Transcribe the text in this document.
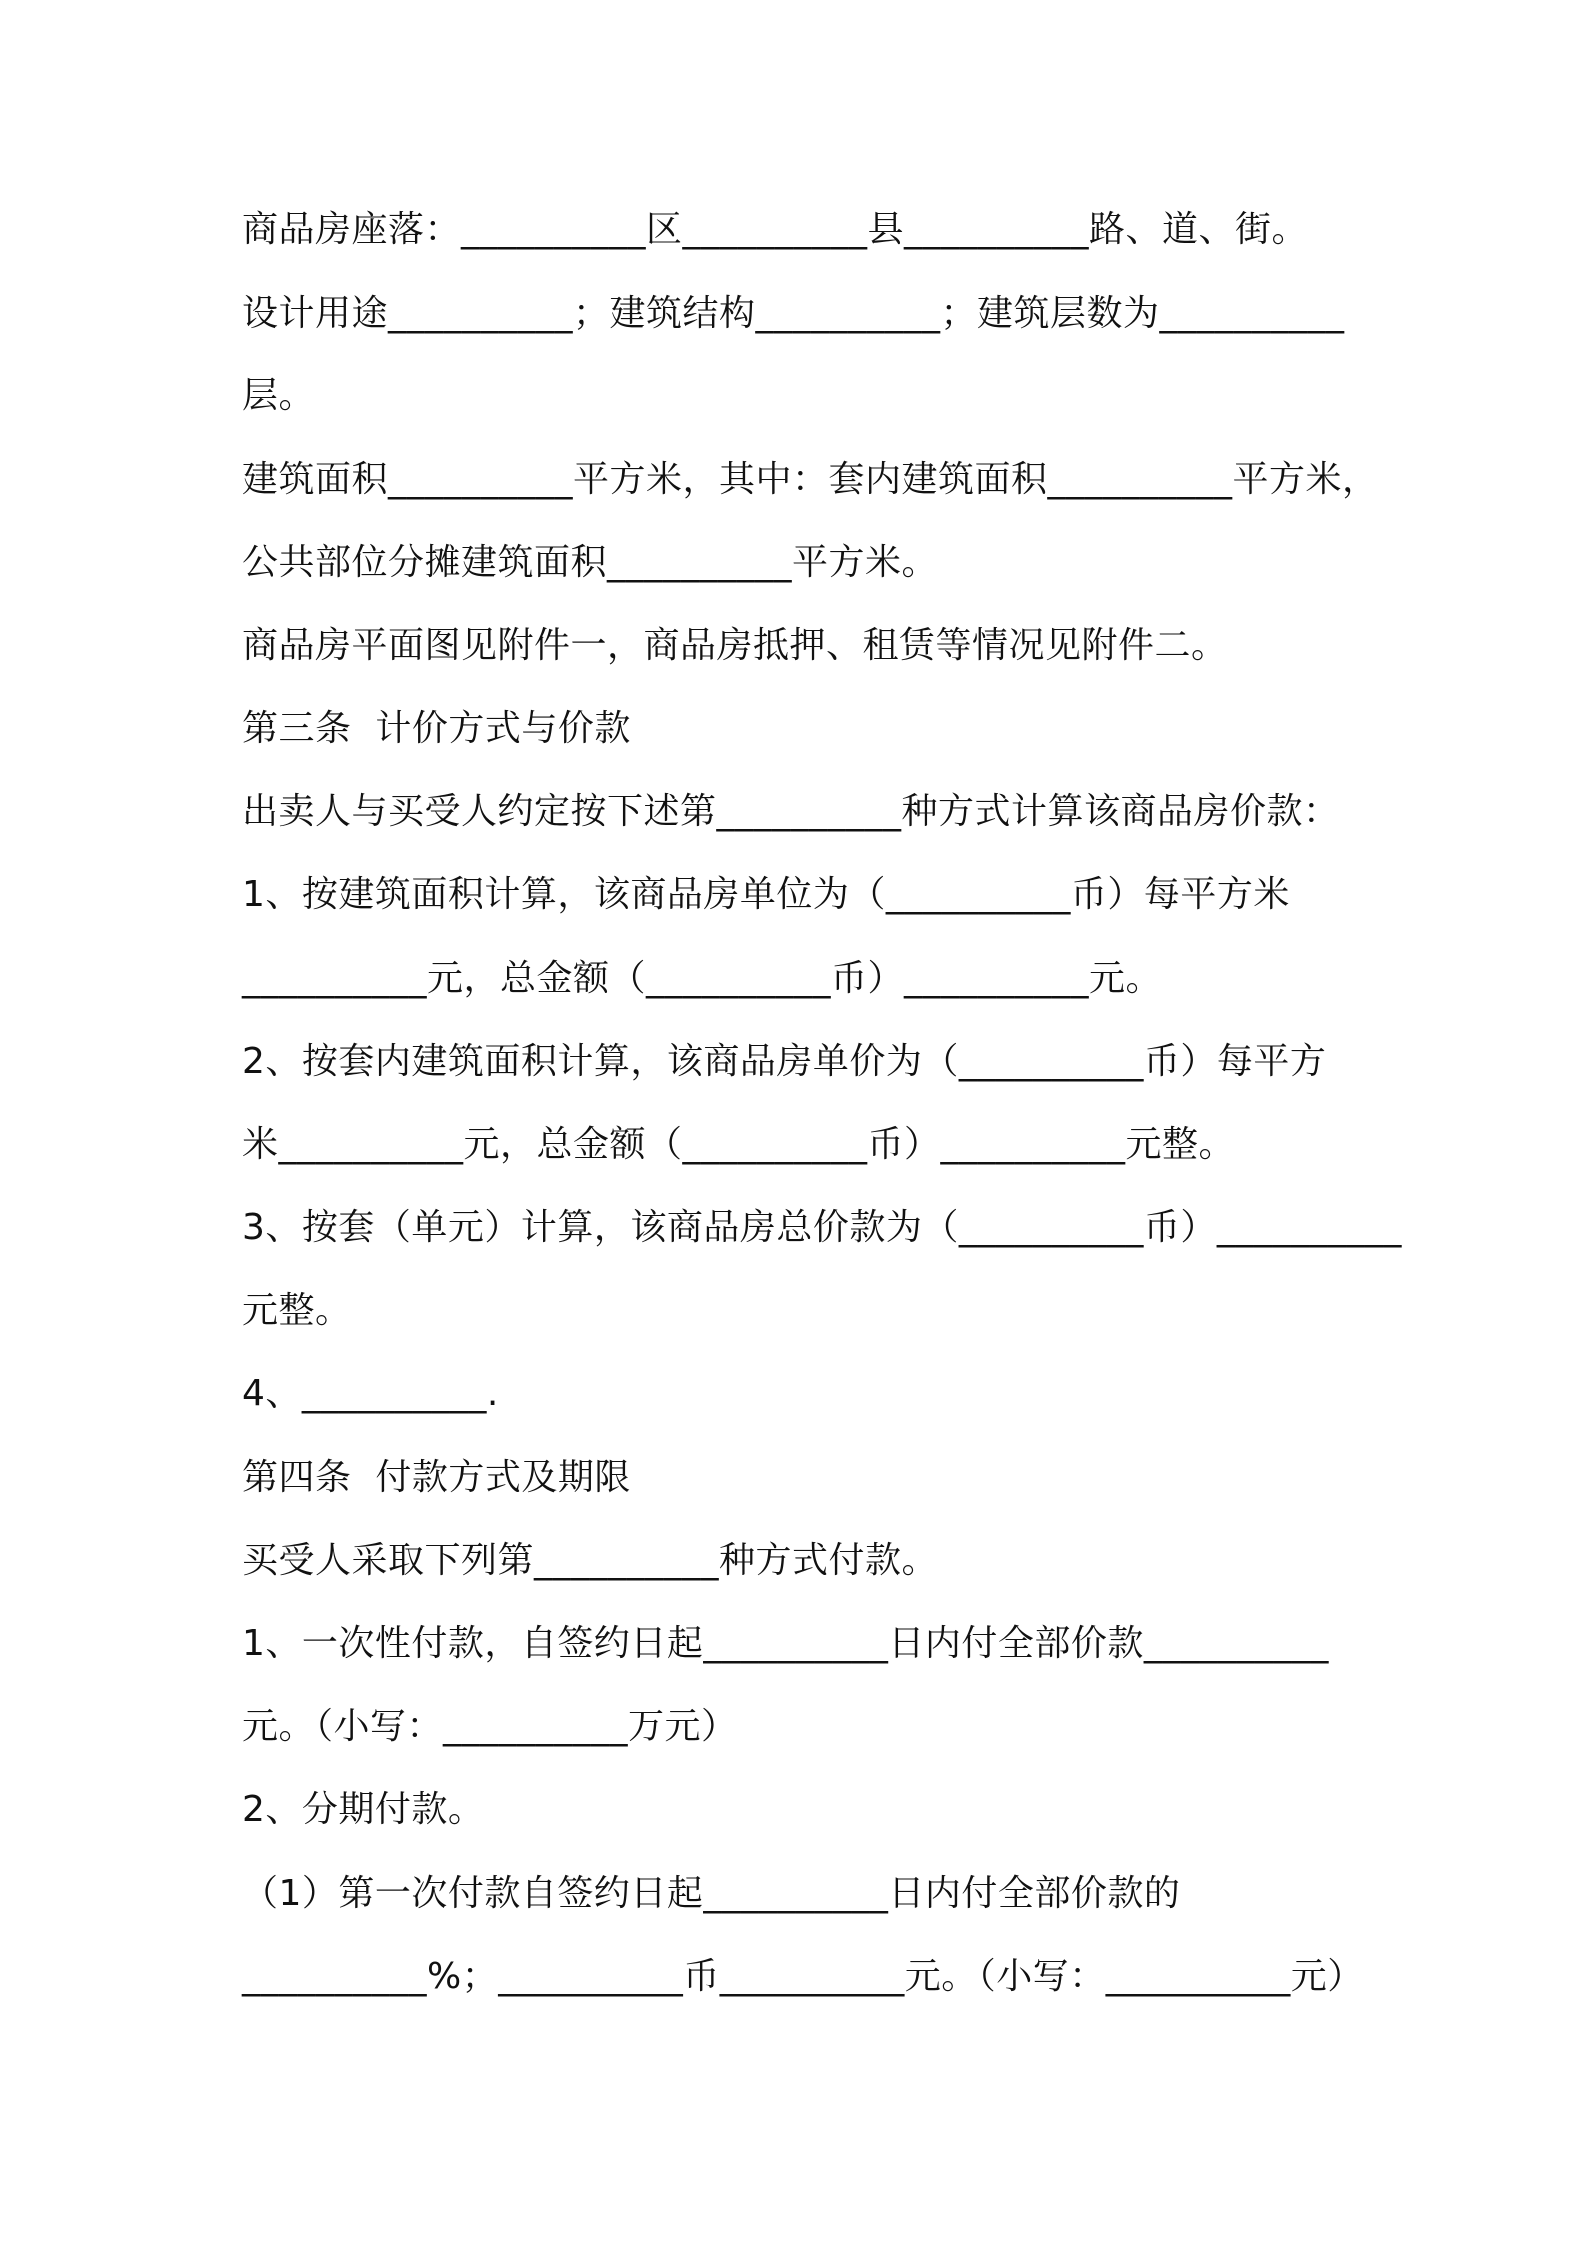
商品房座落：__________区__________县__________路、道、街。
设计用途__________；建筑结构__________；建筑层数为__________
层。
建筑面积__________平方米，其中：套内建筑面积__________平方米，
公共部位分摊建筑面积__________平方米。
商品房平面图见附件一，商品房抵押、租赁等情况见附件二。
第三条  计价方式与价款
出卖人与买受人约定按下述第__________种方式计算该商品房价款：
1、按建筑面积计算，该商品房单位为（__________币）每平方米
__________元，总金额（__________币）__________元。
2、按套内建筑面积计算，该商品房单价为（__________币）每平方
米__________元，总金额（__________币）__________元整。
3、按套（单元）计算，该商品房总价款为（__________币）__________
元整。
4、__________.
第四条  付款方式及期限
买受人采取下列第__________种方式付款。
1、一次性付款，自签约日起__________日内付全部价款__________
元。（小写：__________万元）
2、分期付款。
（1）第一次付款自签约日起__________日内付全部价款的
__________%；__________币__________元。（小写：__________元）
